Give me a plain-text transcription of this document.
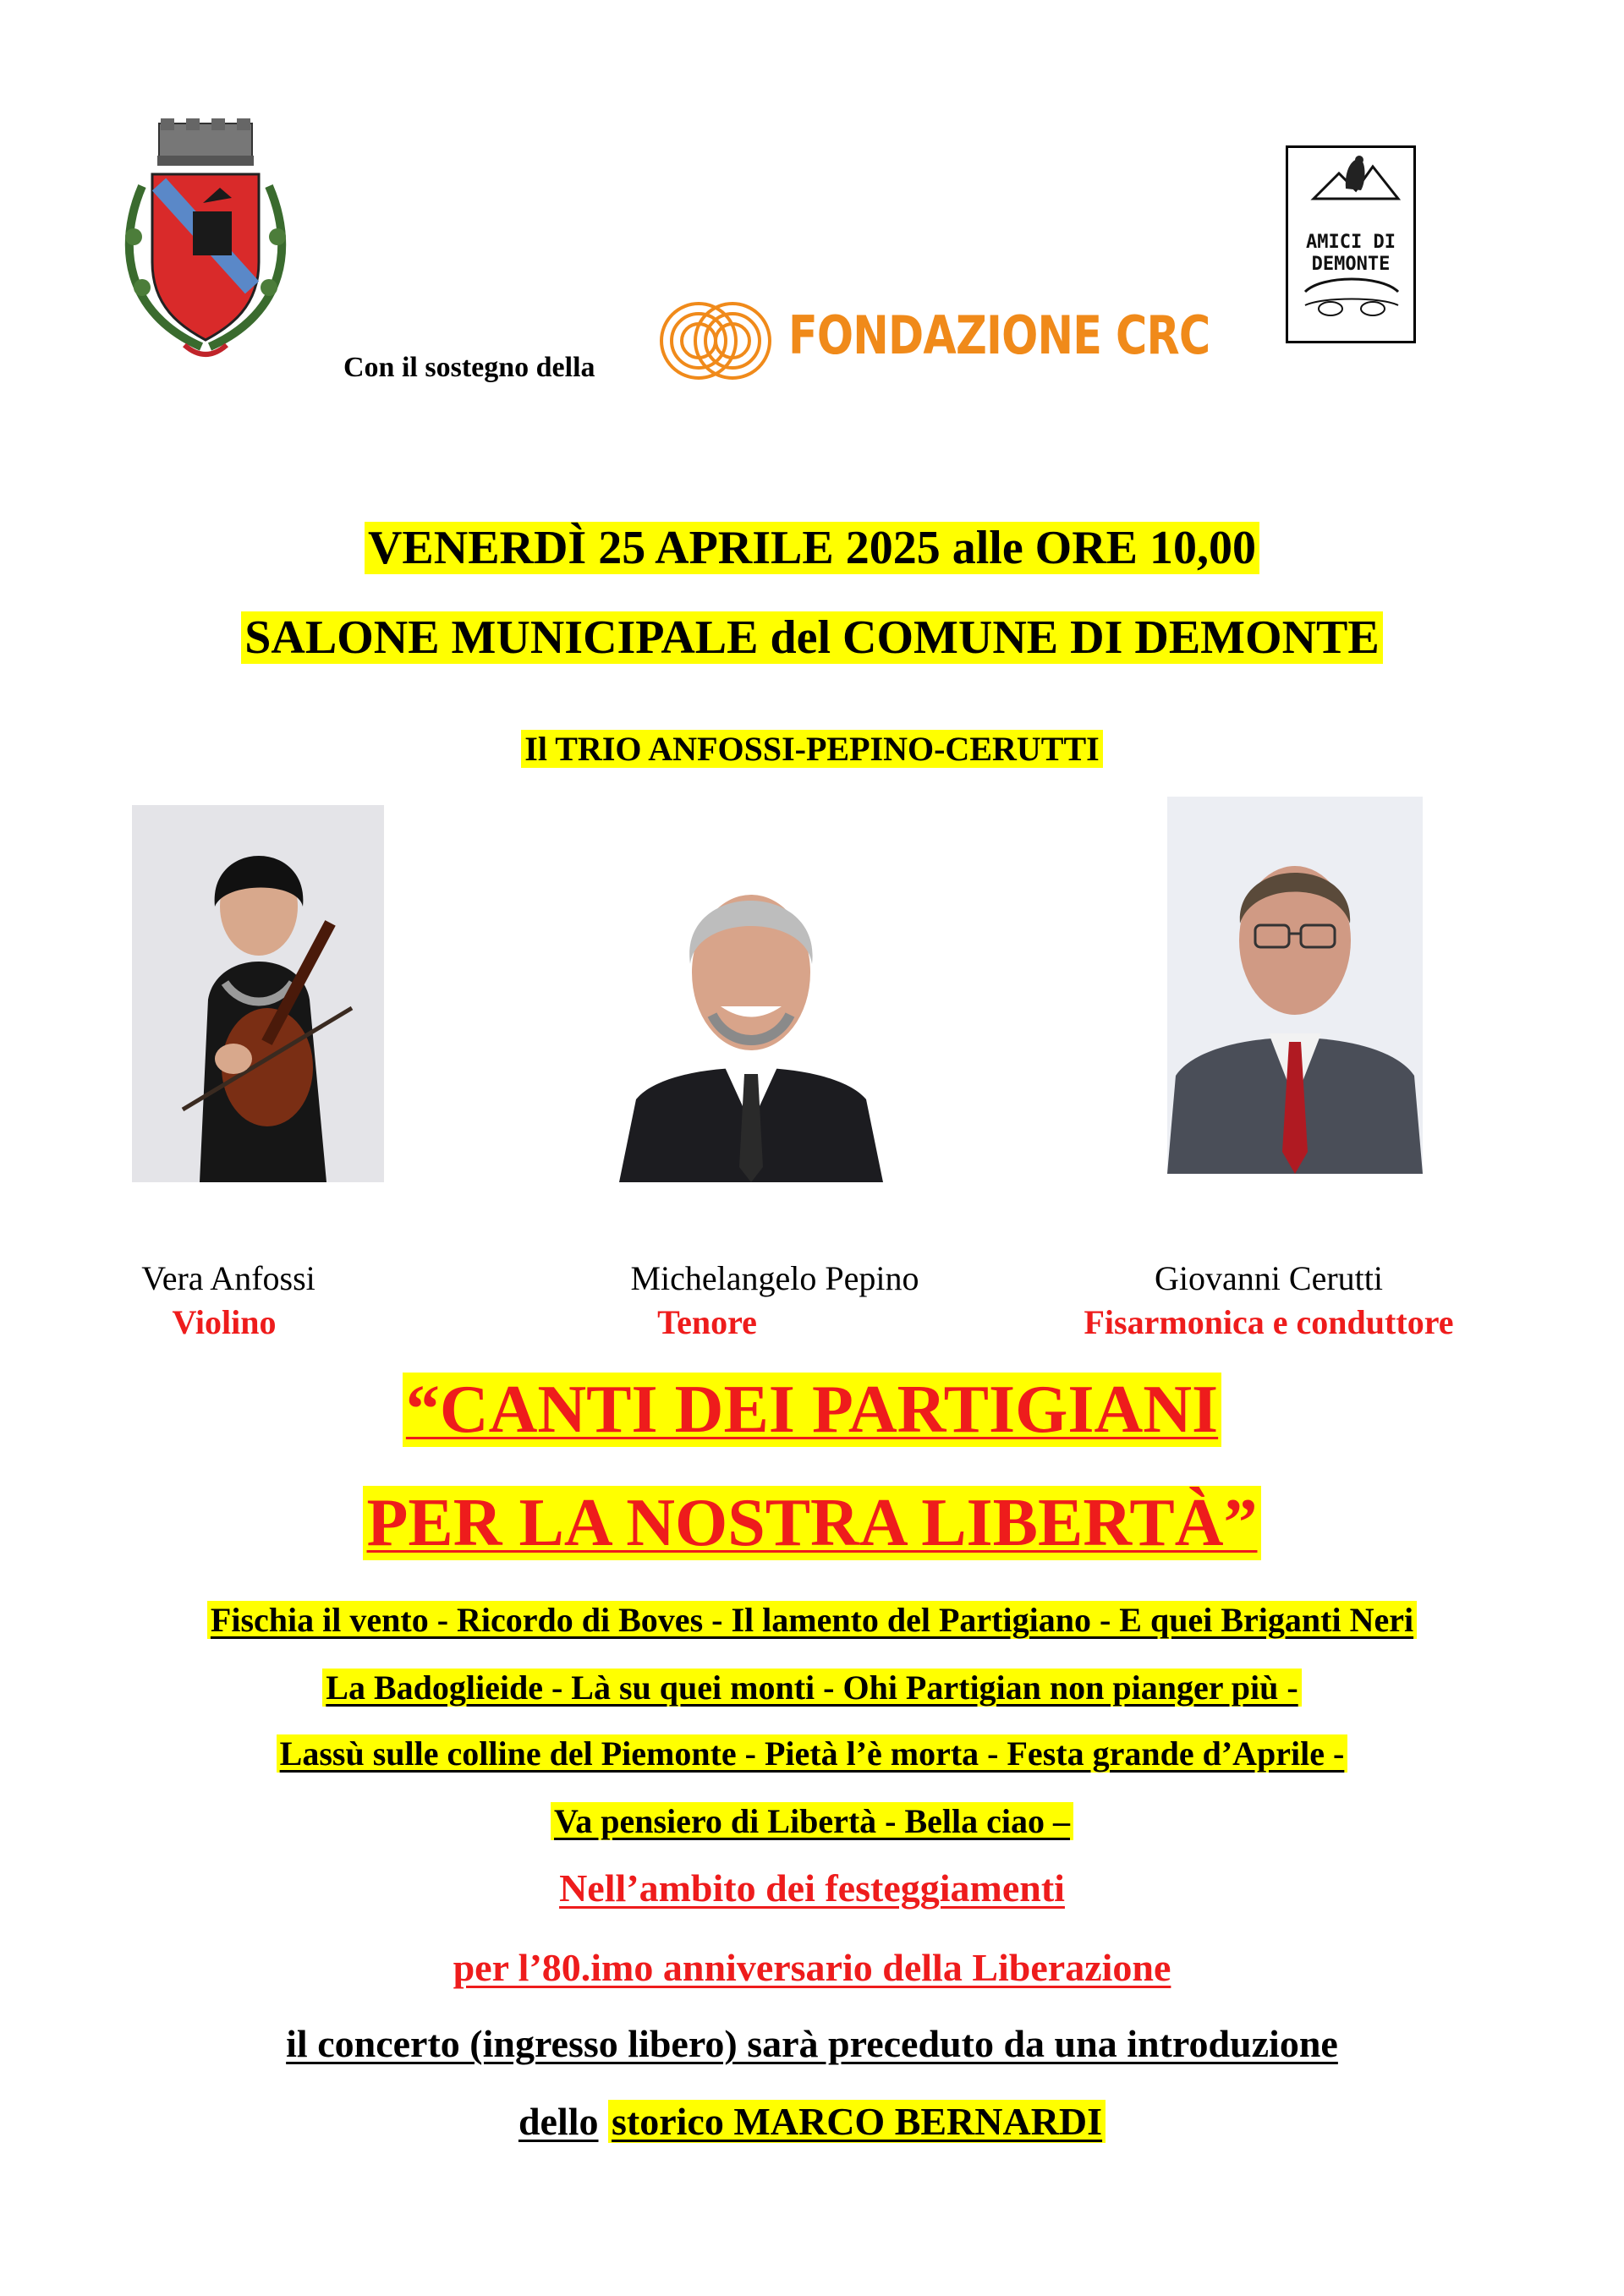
Con il sostegno della
FONDAZIONE CRC
AMICI DI
DEMONTE
VENERDÌ 25 APRILE 2025 alle ORE 10,00
SALONE MUNICIPALE del COMUNE DI DEMONTE
Il TRIO ANFOSSI-PEPINO-CERUTTI
Vera Anfossi
Violino
Michelangelo Pepino
Tenore
Giovanni Cerutti
Fisarmonica e conduttore
“CANTI DEI PARTIGIANI
PER LA NOSTRA LIBERTÀ”
Fischia il vento - Ricordo di Boves - Il lamento del Partigiano - E quei Briganti Neri
La Badoglieide - Là su quei monti - Ohi Partigian non pianger più -
Lassù sulle colline del Piemonte - Pietà l’è morta - Festa grande d’Aprile -
Va pensiero di Libertà - Bella ciao –
Nell’ambito dei festeggiamenti
per l’80.imo anniversario della Liberazione
il concerto (ingresso libero) sarà preceduto da una introduzione
dello storico MARCO BERNARDI
